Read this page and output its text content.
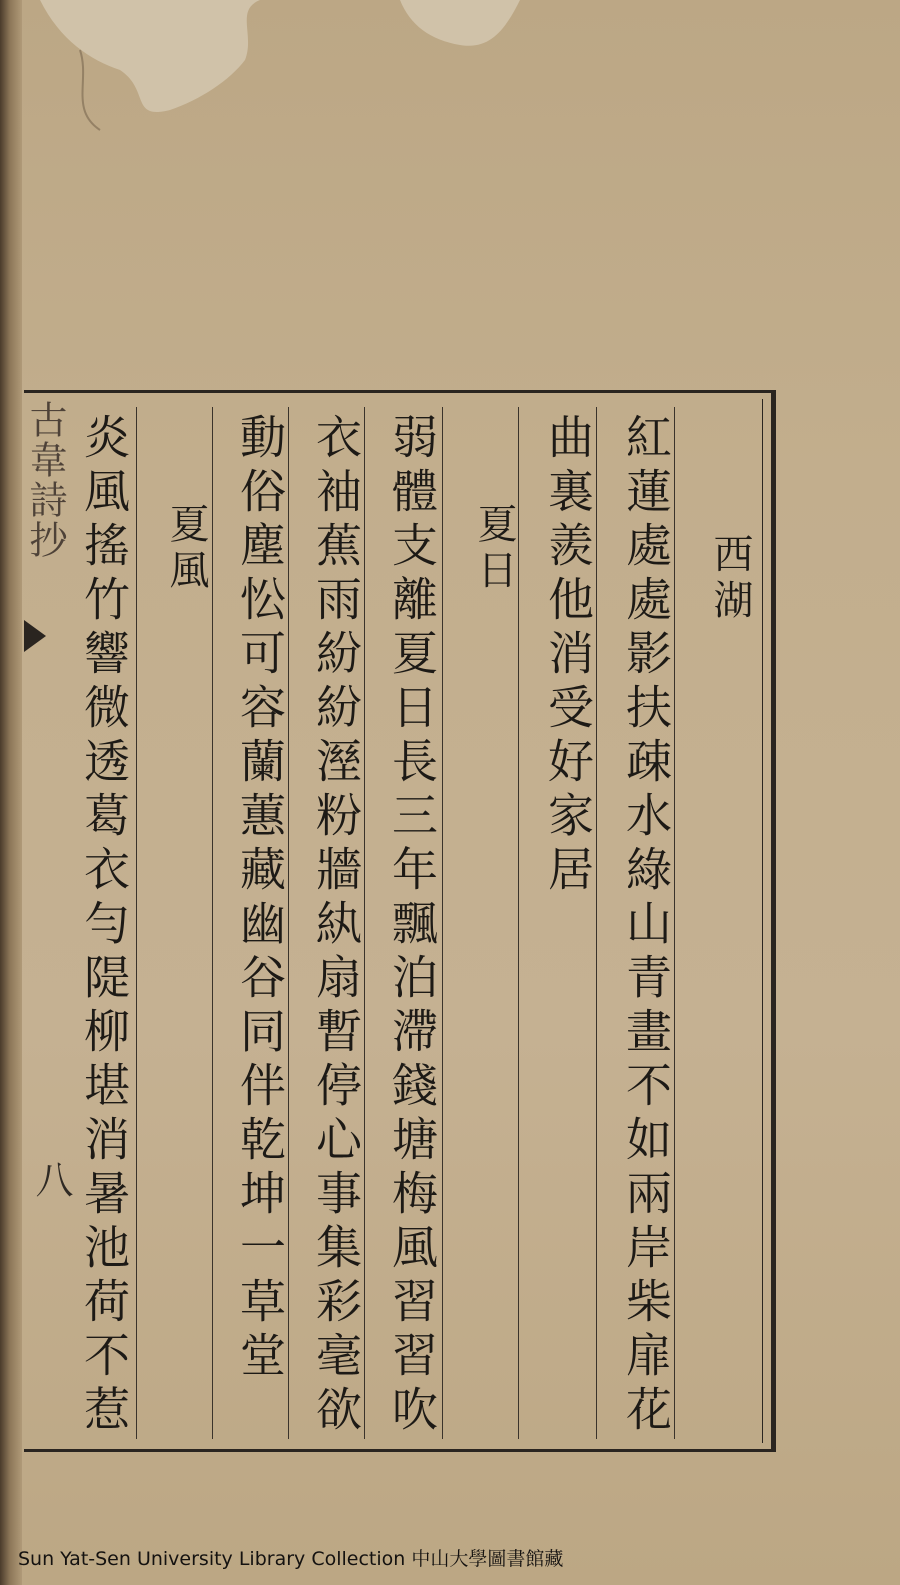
古韋詩抄
八
西湖
紅蓮處處影扶疎水綠山青畫不如兩岸柴扉花
曲裏羨他消受好家居
夏日
弱體支離夏日長三年飄泊滯錢塘梅風習習吹
衣袖蕉雨紛紛溼粉牆紈扇暫停心事集彩毫欲
動俗塵忪可容蘭蕙藏幽谷同伴乾坤一草堂
夏風
炎風搖竹響微透葛衣勻隄柳堪消暑池荷不惹
Sun Yat-Sen University Library Collection 中山大學圖書館藏
